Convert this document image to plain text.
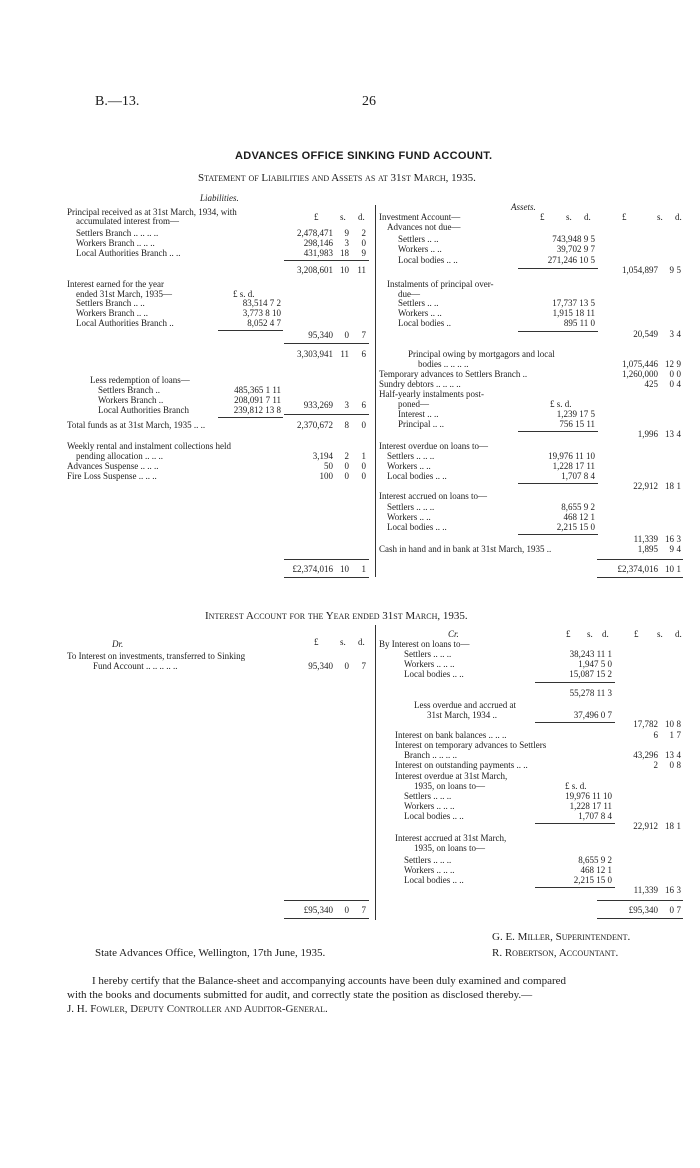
B.—13.	26
ADVANCES OFFICE SINKING FUND ACCOUNT.
Statement of Liabilities and Assets as at 31st March, 1935.
Liabilities.
Assets.
£ s. d.
Principal received as at 31st March, 1934, with
accumulated interest from—
Settlers Branch .. .. .. ..	2,478,471	9	2
Workers Branch .. .. ..	298,146	3	0
Local Authorities Branch .. ..	431,983 18	9
3,208,601 10 11
Interest earned for the year
ended 31st March, 1935—	£ s. d.
Settlers Branch .. ..	83,514 7 2
Workers Branch .. ..	3,773 8 10
Local Authorities Branch ..	8,052 4 7
95,340	0	7
3,303,941 11	6
Less redemption of loans—
Settlers Branch ..	485,365 1 11
Workers Branch ..	208,091 7 11
Local Authorities Branch	239,812 13 8	933,269	3	6
Total funds as at 31st March, 1935 .. ..	2,370,672	8	0
Weekly rental and instalment collections held
pending allocation .. .. ..	3,194	2	1
Advances Suspense .. .. ..	50	0	0
Fire Loss Suspense .. .. ..	100	0	0
£2,374,016 10	1
£ s. d.	£	s. d.
Investment Account—
Advances not due—
Settlers .. ..	743,948 9 5
Workers .. ..	39,702 9 7
Local bodies .. ..	271,246 10 5
1,054,897	9 5
Instalments of principal over-
due—
Settlers .. ..	17,737 13 5
Workers .. ..	1,915 18 11
Local bodies ..	895 11 0
20,549	3 4
Principal owing by mortgagors and local
bodies .. .. .. ..	1,075,446 12 9
Temporary advances to Settlers Branch ..	1,260,000	0 0
Sundry debtors .. .. .. ..	425	0 4
Half-yearly instalments post-
poned—	£ s. d.
Interest .. ..	1,239 17 5
Principal .. ..	756 15 11
1,996 13 4
Interest overdue on loans to—
Settlers .. .. ..	19,976 11 10
Workers .. ..	1,228 17 11
Local bodies .. ..	1,707 8 4
22,912 18 1
Interest accrued on loans to—
Settlers .. .. ..	8,655 9 2
Workers .. ..	468 12 1
Local bodies .. ..	2,215 15 0
11,339 16 3
Cash in hand and in bank at 31st March, 1935 ..	1,895	9 4
£2,374,016 10 1
Interest Account for the Year ended 31st March, 1935.
Dr.
Cr.
£ s. d.
£ s. d.	£ s. d.
To Interest on investments, transferred to Sinking
Fund Account .. .. .. .. ..	95,340	0	7
By Interest on loans to—
Settlers .. .. ..	38,243 11 1
Workers .. .. ..	1,947 5 0
Local bodies .. ..	15,087 15 2
55,278 11 3
Less overdue and accrued at
31st March, 1934 ..	37,496 0 7
17,782 10 8
Interest on bank balances .. .. ..	6	1 7
Interest on temporary advances to Settlers
Branch .. .. .. ..	43,296 13 4
Interest on outstanding payments .. ..	2	0 8
Interest overdue at 31st March,
1935, on loans to—	£ s. d.
Settlers .. .. ..	19,976 11 10
Workers .. .. ..	1,228 17 11
Local bodies .. ..	1,707 8 4
22,912 18 1
Interest accrued at 31st March,
1935, on loans to—
Settlers .. .. ..	8,655 9 2
Workers .. .. ..	468 12 1
Local bodies .. ..	2,215 15 0
11,339 16 3
£95,340	0	7	£95,340	0 7
G. E. Miller, Superintendent.
State Advances Office, Wellington, 17th June, 1935.	R. Robertson, Accountant.
I hereby certify that the Balance-sheet and accompanying accounts have been duly examined and compared
with the books and documents submitted for audit, and correctly state the position as disclosed thereby.—
J. H. Fowler, Deputy Controller and Auditor-General.
